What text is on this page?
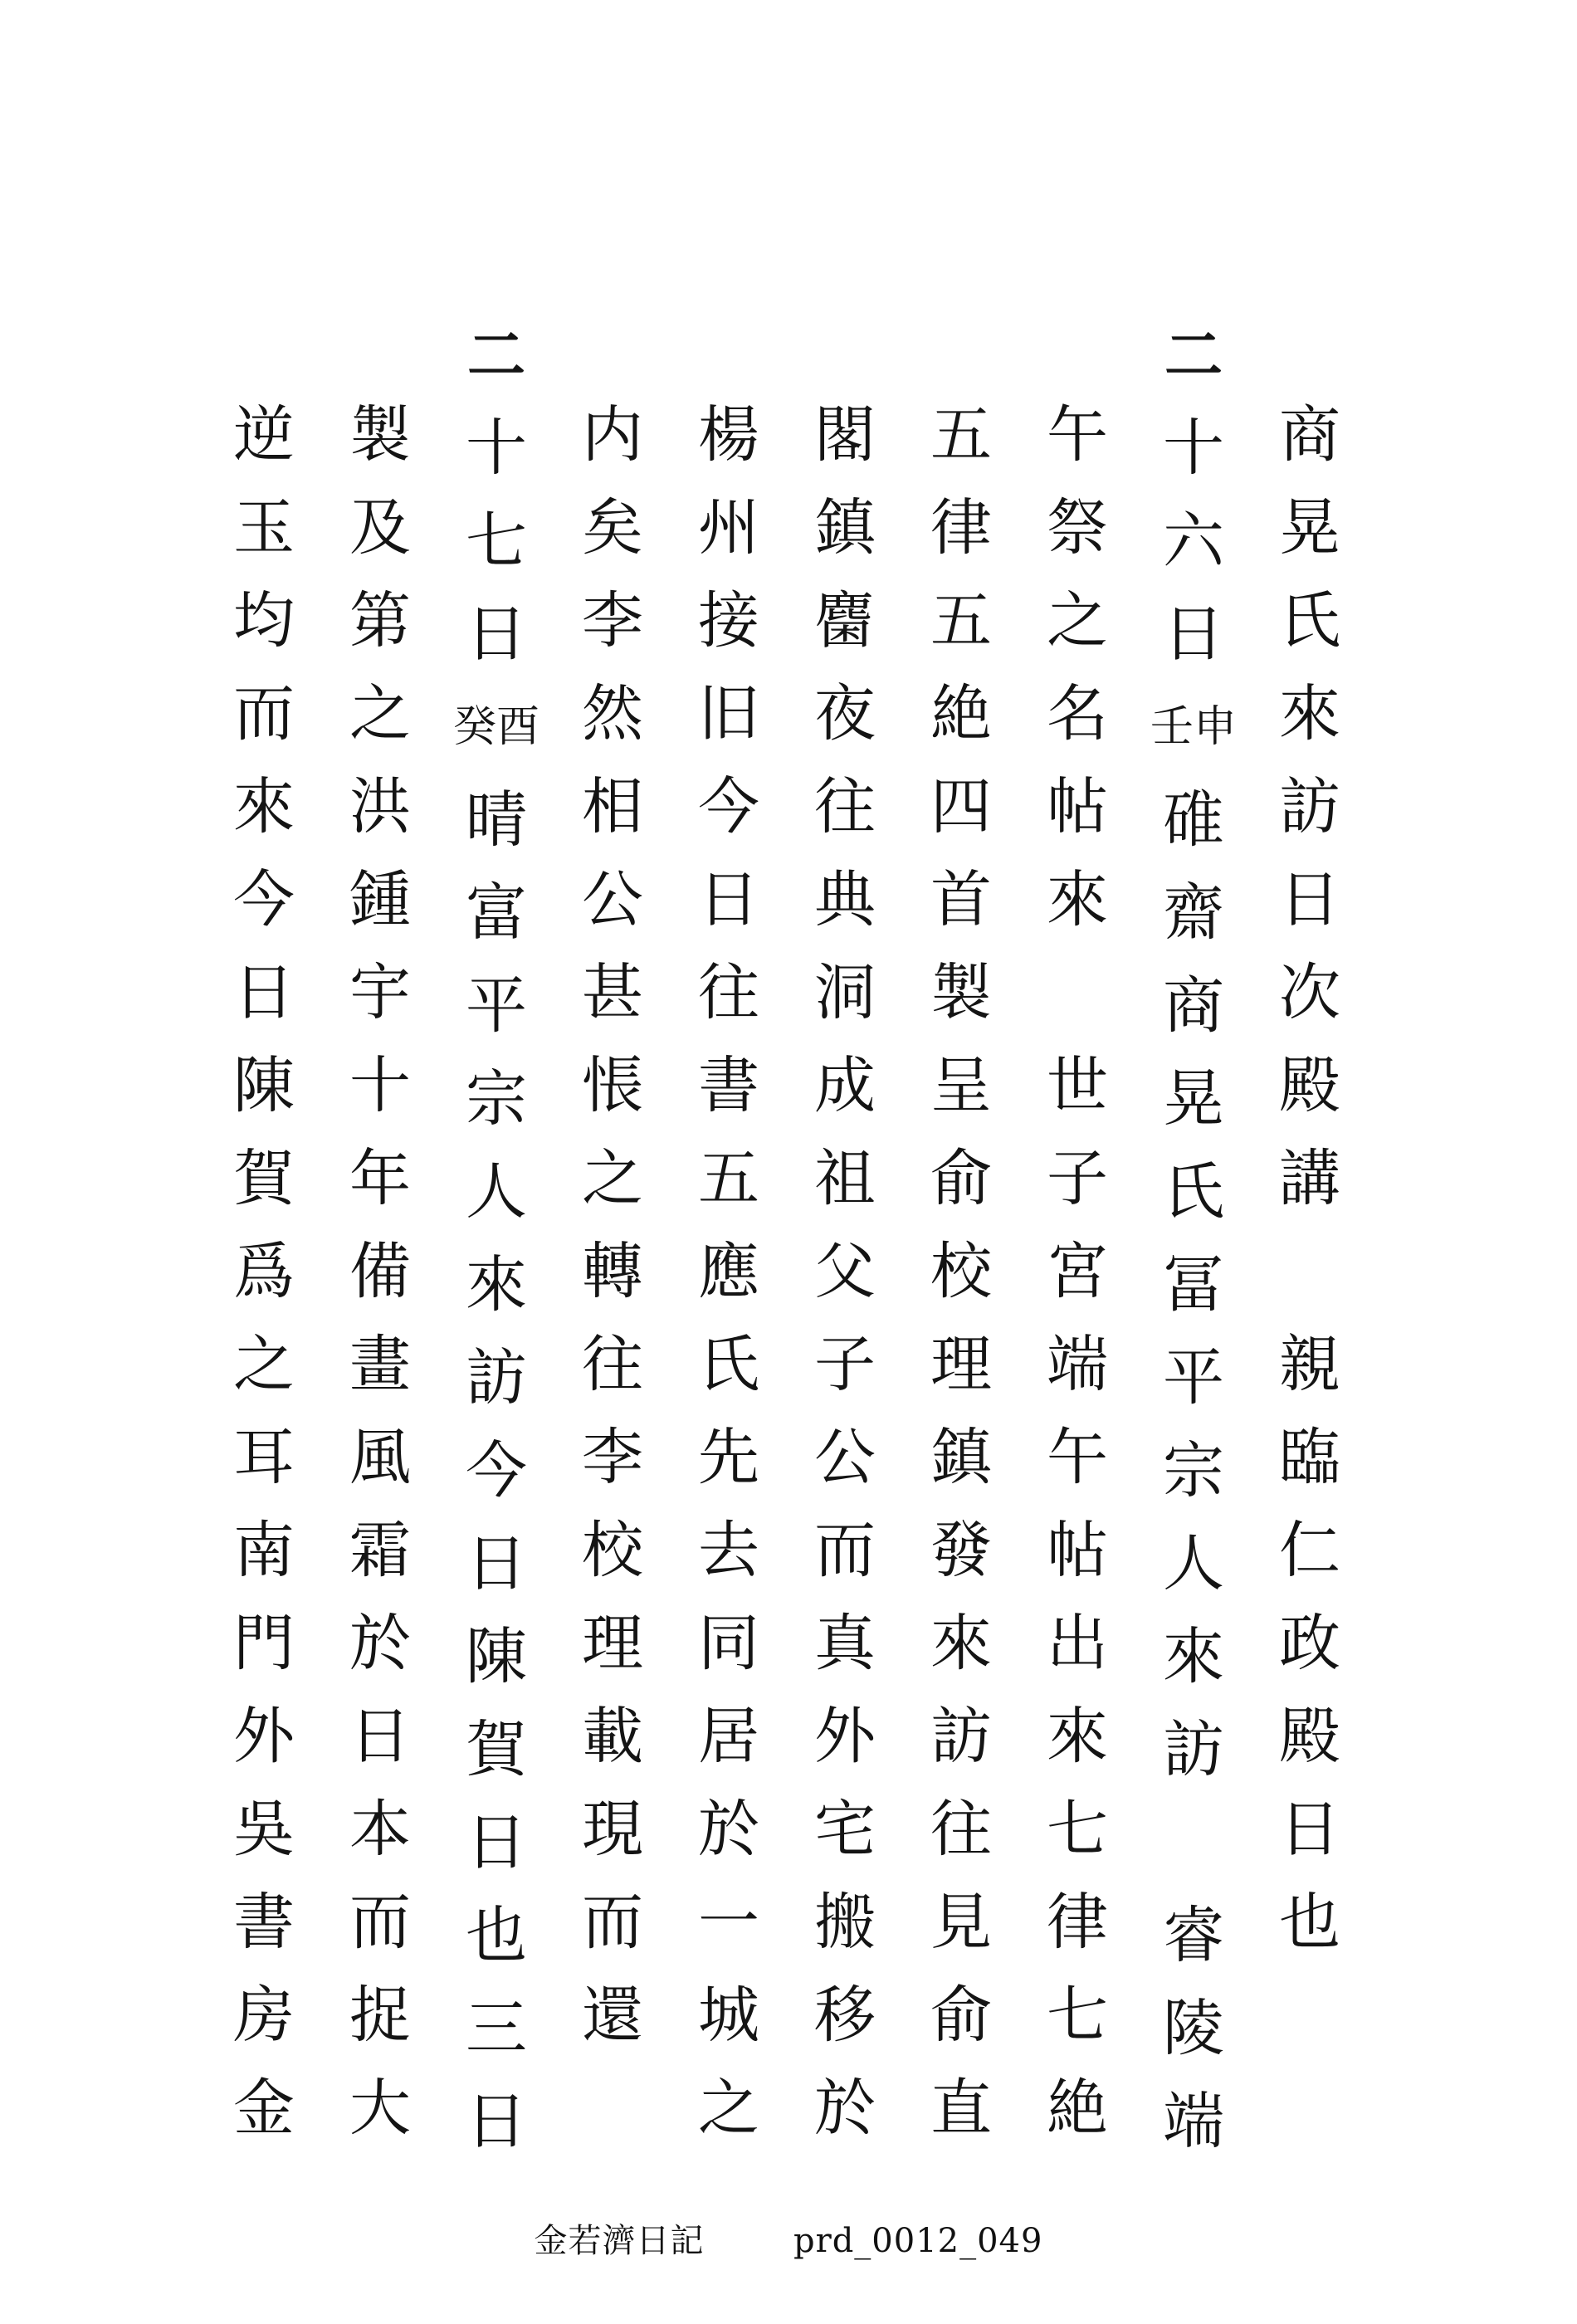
商
晃
氏
來
訪
日
次
殿
講
親
臨
仁
政
殿
日
也
二
十
六
日
壬申
碓
齋
商
晃
氏
冨
平
宗
人
來
訪
睿
陵
端
午
祭
之
名
帖
來
世
子
宮
端
午
帖
出
來
七
律
七
絶
五
律
五
絶
四
首
製
呈
俞
校
理
鎮
發
來
訪
往
見
俞
直
閣
鎮
𪊽
夜
往
典
洞
成
祖
父
子
公
而
真
外
宅
搬
移
於
楊
州
接
旧
今
日
往
書
五
應
氏
先
去
同
居
於
一
城
之
内
矣
李
然
相
公
甚
悵
之
轉
往
李
校
理
載
現
而
還
二
十
七
日
癸酉
晴
富
平
宗
人
來
訪
今
日
陳
賀
日
也
三
日
製
及
第
之
洪
鍾
宇
十
年
備
畫
風
霜
於
日
本
而
捉
大
逆
玉
均
而
來
今
日
陳
賀
爲
之
耳
南
門
外
吳
書
房
金
金若濟日記	prd_0012_049
